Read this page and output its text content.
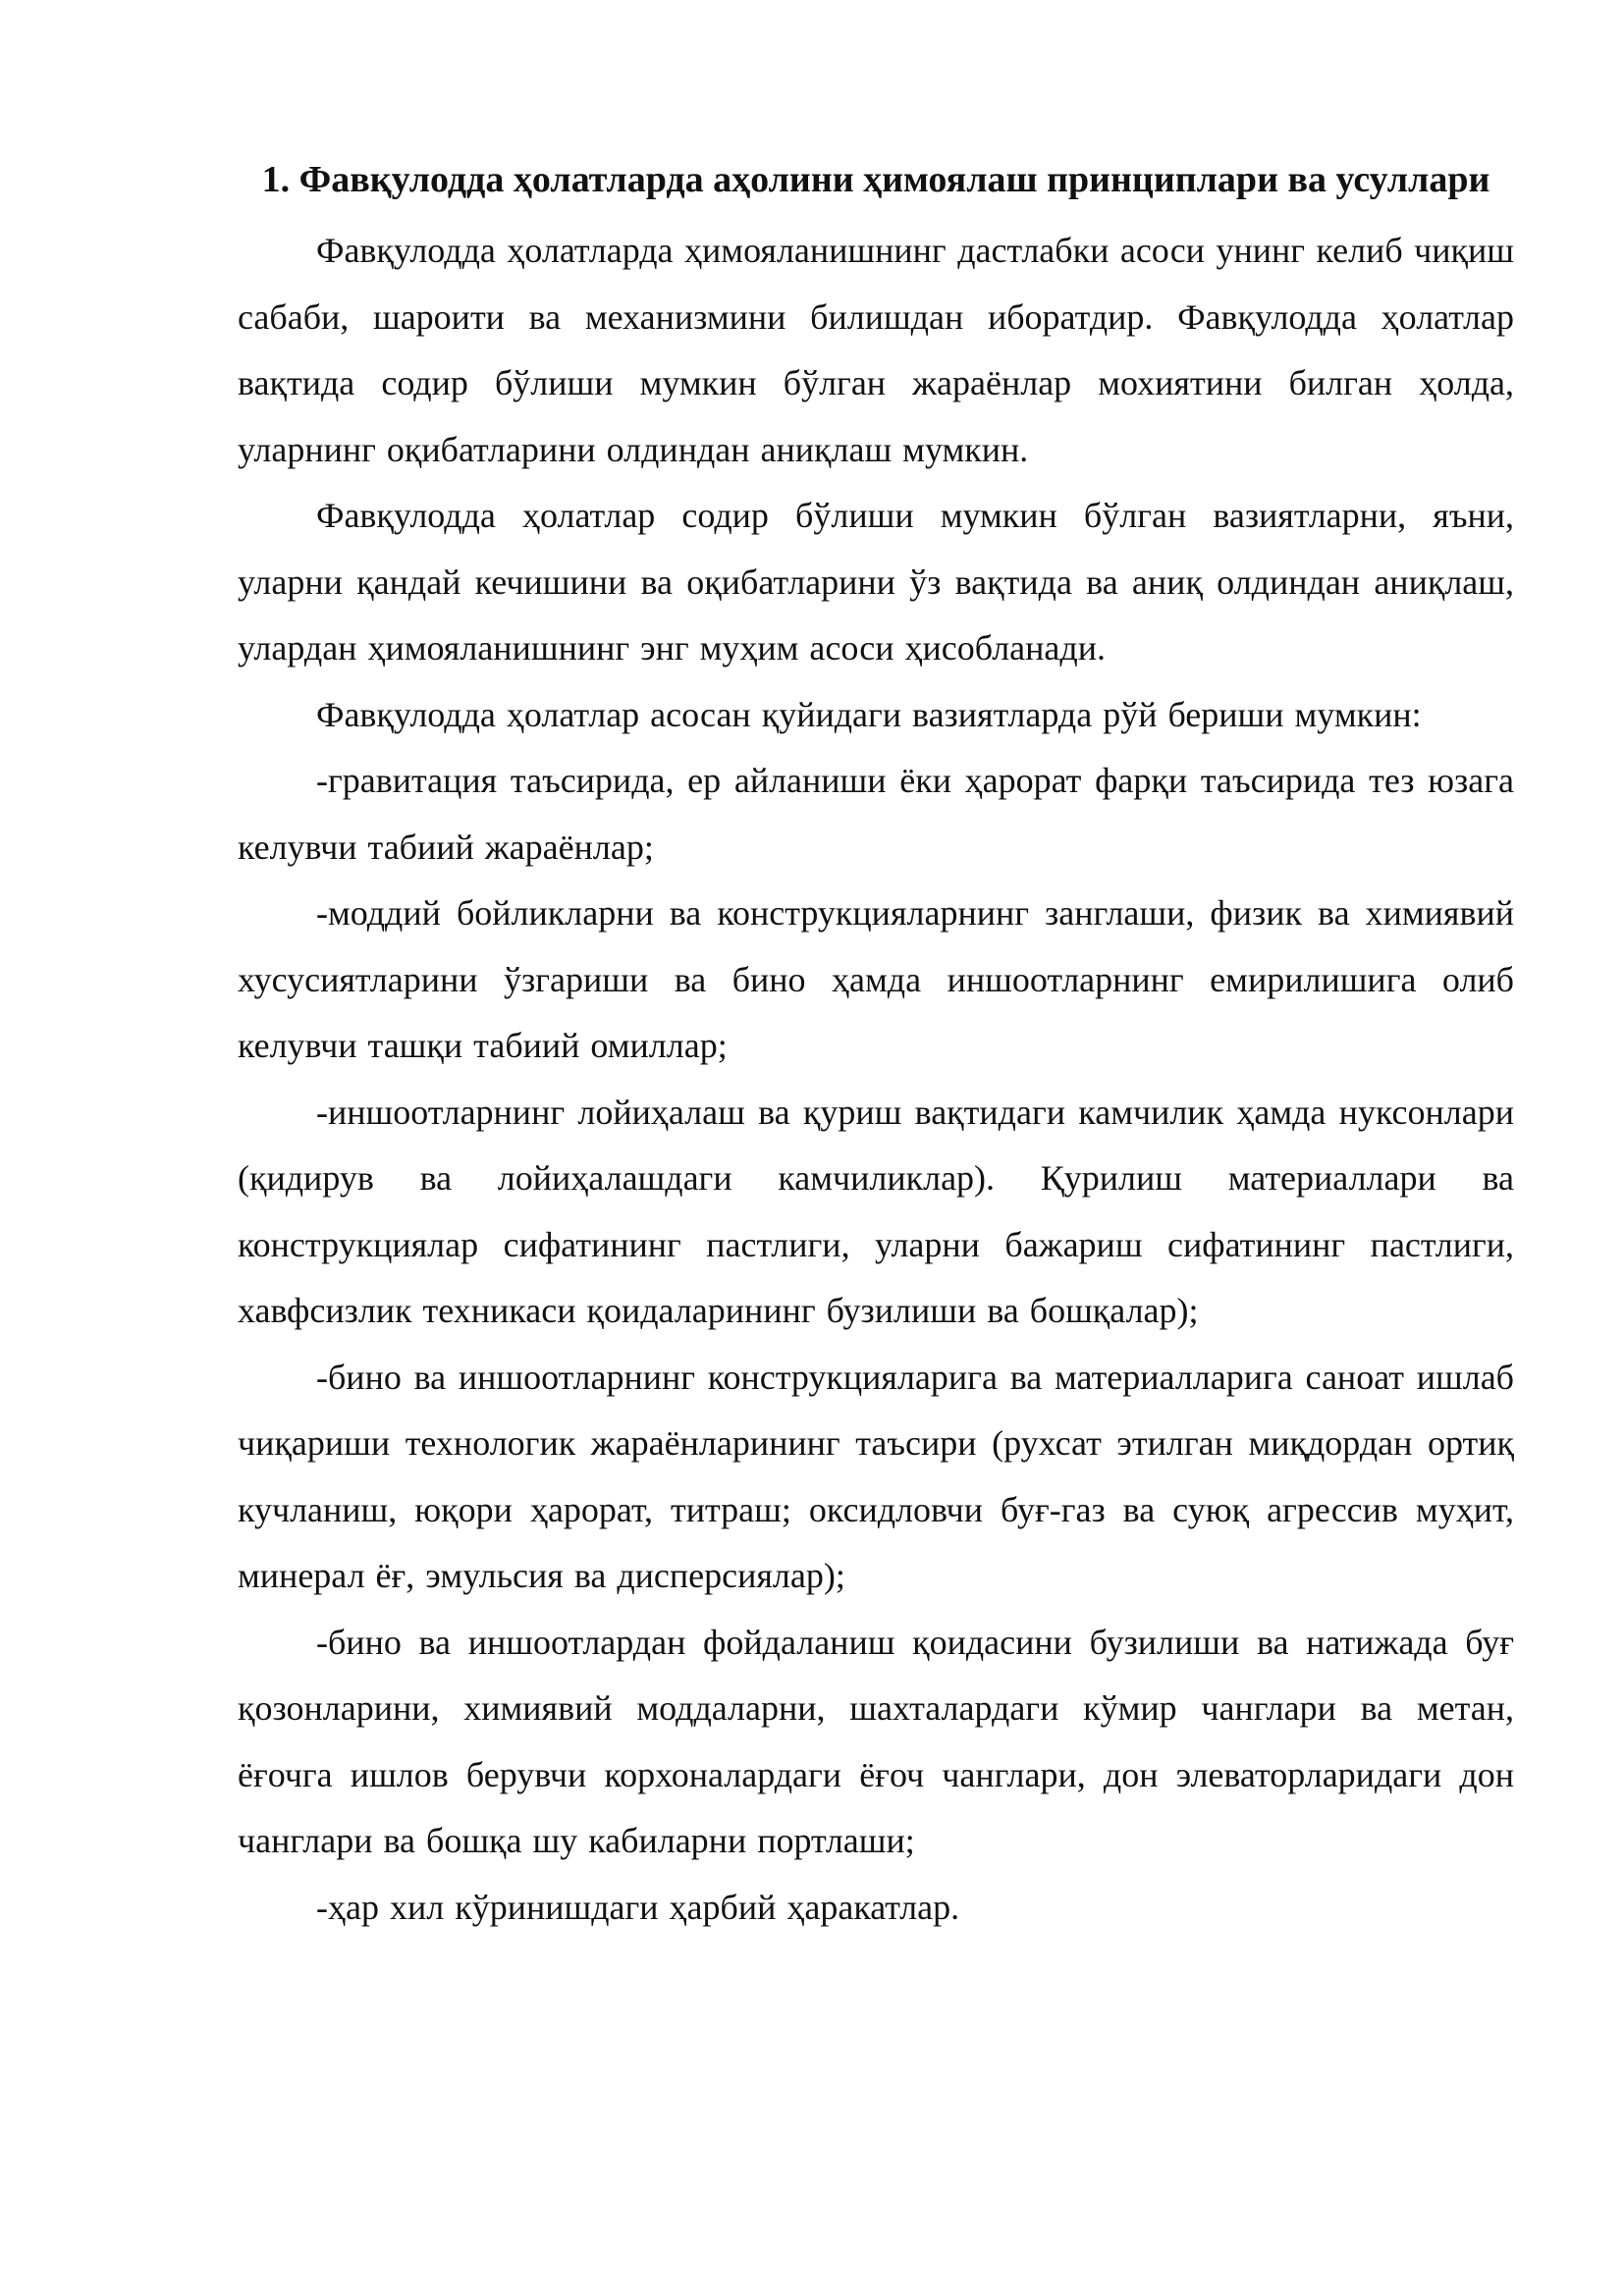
1. Фавқулодда ҳолатларда аҳолини ҳимоялаш принциплари ва усуллари

Фавқулодда ҳолатларда ҳимояланишнинг дастлабки асоси унинг келиб чиқиш сабаби, шароити ва механизмини билишдан иборатдир. Фавқулодда ҳолатлар вақтида содир бўлиши мумкин бўлган жараёнлар мохиятини билган ҳолда, уларнинг оқибатларини олдиндан аниқлаш мумкин.

Фавқулодда ҳолатлар содир бўлиши мумкин бўлган вазиятларни, яъни, уларни қандай кечишини ва оқибатларини ўз вақтида ва аниқ олдиндан аниқлаш, улардан ҳимояланишнинг энг муҳим асоси ҳисобланади.

Фавқулодда ҳолатлар асосан қуйидаги вазиятларда рўй бериши мумкин:

-гравитация таъсирида, ер айланиши ёки ҳарорат фарқи таъсирида тез юзага келувчи табиий жараёнлар;

-моддий бойликларни ва конструкцияларнинг занглаши, физик ва химиявий хусусиятларини ўзгариши ва бино ҳамда иншоотларнинг емирилишига олиб келувчи ташқи табиий омиллар;

-иншоотларнинг лойиҳалаш ва қуриш вақтидаги камчилик ҳамда нуксонлари (қидирув ва лойиҳалашдаги камчиликлар). Қурилиш материаллари ва конструкциялар сифатининг пастлиги, уларни бажариш сифатининг пастлиги, хавфсизлик техникаси қоидаларининг бузилиши ва бошқалар);

-бино ва иншоотларнинг конструкцияларига ва материалларига саноат ишлаб чиқариши технологик жараёнларининг таъсири (рухсат этилган миқдордан ортиқ кучланиш, юқори ҳарорат, титраш; оксидловчи буғ-газ ва суюқ агрессив муҳит, минерал ёғ, эмульсия ва дисперсиялар);

-бино ва иншоотлардан фойдаланиш қоидасини бузилиши ва натижада буғ қозонларини, химиявий моддаларни, шахталардаги кўмир чанглари ва метан, ёғочга ишлов берувчи корхоналардаги ёғоч чанглари, дон элеваторларидаги дон чанглари ва бошқа шу кабиларни портлаши;

-ҳар хил кўринишдаги ҳарбий ҳаракатлар.
